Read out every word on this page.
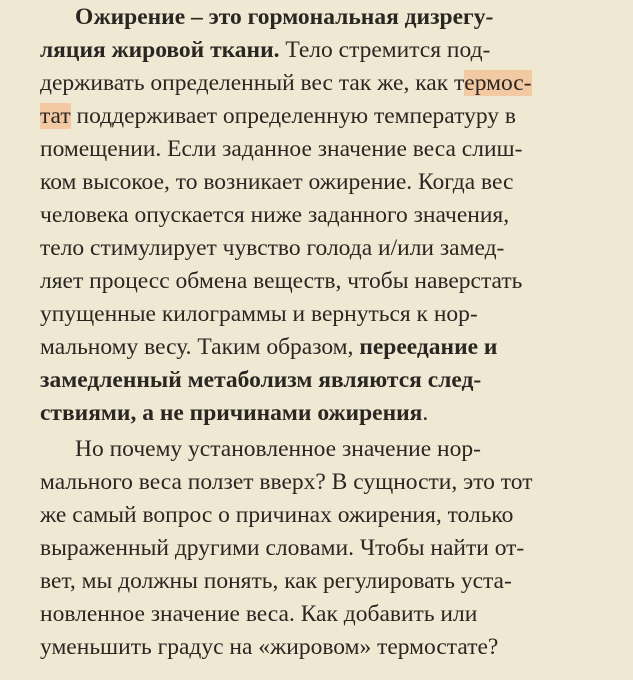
Ожирение – это гормональная дизрегу-
ляция жировой ткани. Тело стремится под-
держивать определенный вес так же, как термос-
тат поддерживает определенную температуру в
помещении. Если заданное значение веса слиш-
ком высокое, то возникает ожирение. Когда вес
человека опускается ниже заданного значения,
тело стимулирует чувство голода и/или замед-
ляет процесс обмена веществ, чтобы наверстать
упущенные килограммы и вернуться к нор-
мальному весу. Таким образом, переедание и
замедленный метаболизм являются след-
ствиями, а не причинами ожирения.
Но почему установленное значение нор-
мального веса ползет вверх? В сущности, это тот
же самый вопрос о причинах ожирения, только
выраженный другими словами. Чтобы найти от-
вет, мы должны понять, как регулировать уста-
новленное значение веса. Как добавить или
уменьшить градус на «жировом» термостате?
